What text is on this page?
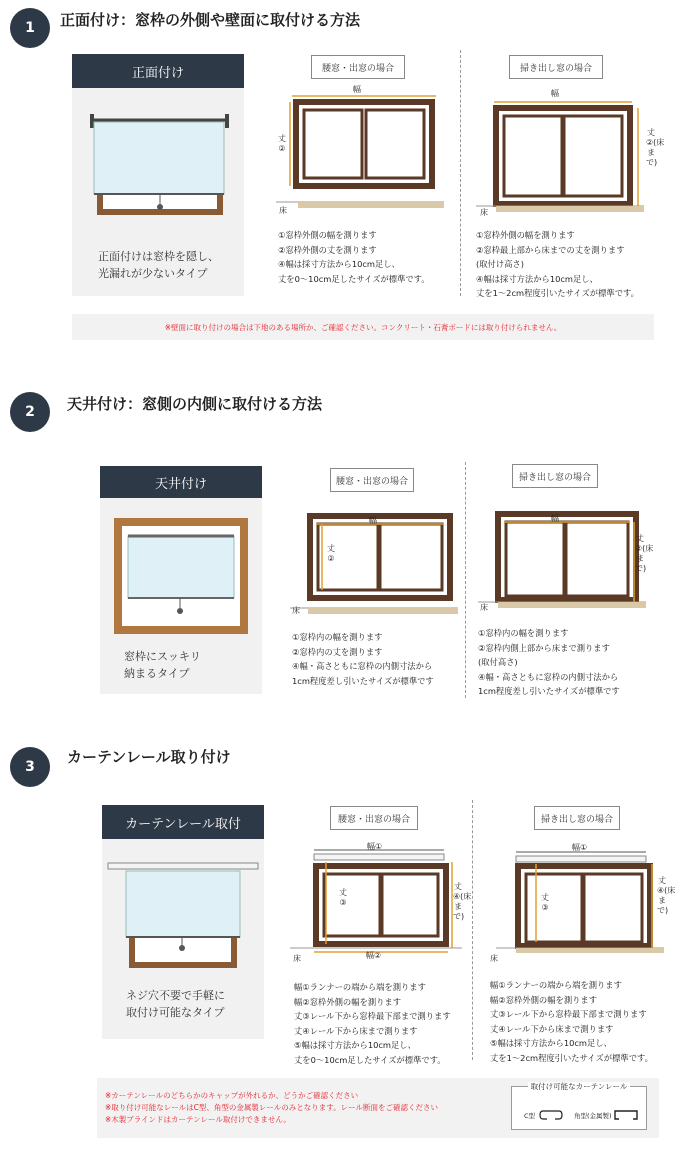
1	正面付け：窓枠の外側や壁面に取付ける方法
正面付け
正面付けは窓枠を隠し、
光漏れが少ないタイプ
腰窓・出窓の場合
幅
丈②
床
①窓枠外側の幅を測ります
②窓枠外側の丈を測ります
④幅は採寸方法から10cm足し、
丈を0〜10cm足したサイズが標準です。
掃き出し窓の場合
幅
丈②(床まで)
床
①窓枠外側の幅を測ります
②窓枠最上部から床までの丈を測ります
(取付け高さ)
④幅は採寸方法から10cm足し、
丈を1〜2cm程度引いたサイズが標準です。
※壁面に取り付けの場合は下地のある場所か、ご確認ください。コンクリート・石膏ボードには取り付けられません。
2	天井付け：窓側の内側に取付ける方法
天井付け
窓枠にスッキリ
納まるタイプ
腰窓・出窓の場合
幅
丈②
床
①窓枠内の幅を測ります
②窓枠内の丈を測ります
④幅・高さともに窓枠の内側寸法から
1cm程度差し引いたサイズが標準です
掃き出し窓の場合
幅
丈②(床まで)
床
①窓枠内の幅を測ります
②窓枠内側上部から床まで測ります
(取付高さ)
④幅・高さともに窓枠の内側寸法から
1cm程度差し引いたサイズが標準です
3
カーテンレール取り付け
カーテンレール取付
ネジ穴不要で手軽に
取付け可能なタイプ
腰窓・出窓の場合
幅①
丈③
丈④(床まで)
幅②
床
幅①ランナーの端から端を測ります
幅②窓枠外側の幅を測ります
丈③レール下から窓枠最下部まで測ります
丈④レール下から床まで測ります
⑤幅は採寸方法から10cm足し、
丈を0〜10cm足したサイズが標準です。
掃き出し窓の場合
幅①
丈③
丈④(床まで)
床
幅①ランナーの端から端を測ります
幅②窓枠外側の幅を測ります
丈③レール下から窓枠最下部まで測ります
丈④レール下から床まで測ります
⑤幅は採寸方法から10cm足し、
丈を1〜2cm程度引いたサイズが標準です。
※カーテンレールのどちらかのキャップが外れるか、どうかご確認ください
※取り付け可能なレールはC型、角型の金属製レールのみとなります。レール断面をご確認ください
※木製ブラインドはカーテンレール取付けできません。
取付け可能なカーテンレール
C型	角型(金属製)
